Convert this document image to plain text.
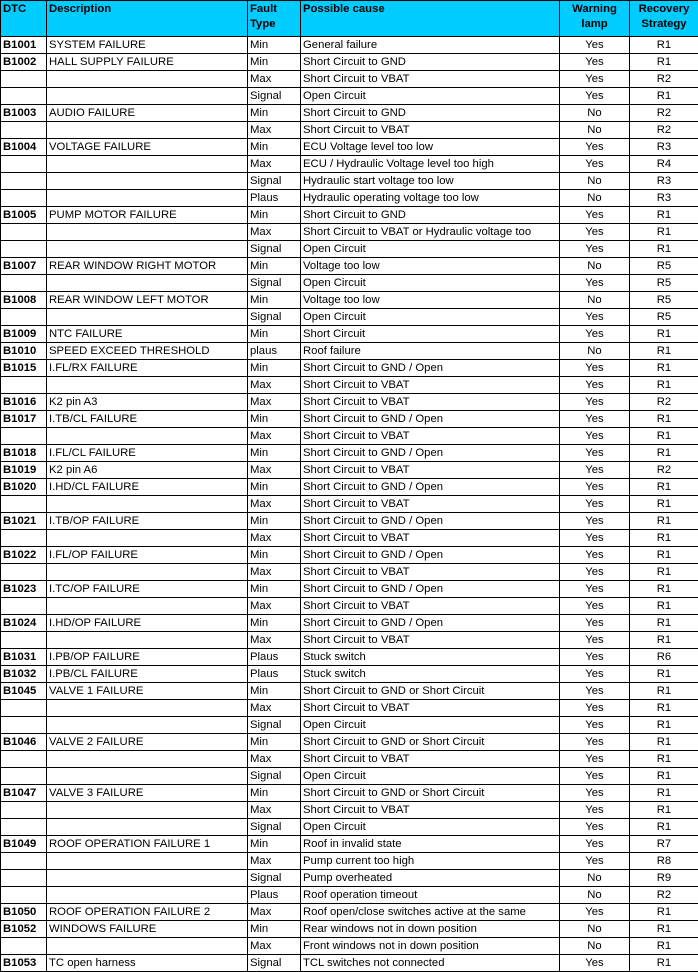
DTC	Description	Fault Type	Possible cause	Warning lamp	Recovery Strategy
B1001	SYSTEM FAILURE	Min	General failure	Yes	R1
B1002	HALL SUPPLY FAILURE	Min	Short Circuit to GND	Yes	R1
		Max	Short Circuit to VBAT	Yes	R2
		Signal	Open Circuit	Yes	R1
B1003	AUDIO FAILURE	Min	Short Circuit to GND	No	R2
		Max	Short Circuit to VBAT	No	R2
B1004	VOLTAGE FAILURE	Min	ECU Voltage level too low	Yes	R3
		Max	ECU / Hydraulic Voltage level too high	Yes	R4
		Signal	Hydraulic start voltage too low	No	R3
		Plaus	Hydraulic operating voltage too low	No	R3
B1005	PUMP MOTOR FAILURE	Min	Short Circuit to GND	Yes	R1
		Max	Short Circuit to VBAT or Hydraulic voltage too	Yes	R1
		Signal	Open Circuit	Yes	R1
B1007	REAR WINDOW RIGHT MOTOR	Min	Voltage too low	No	R5
		Signal	Open Circuit	Yes	R5
B1008	REAR WINDOW LEFT MOTOR	Min	Voltage too low	No	R5
		Signal	Open Circuit	Yes	R5
B1009	NTC FAILURE	Min	Short Circuit	Yes	R1
B1010	SPEED EXCEED THRESHOLD	plaus	Roof failure	No	R1
B1015	I.FL/RX FAILURE	Min	Short Circuit to GND / Open	Yes	R1
		Max	Short Circuit to VBAT	Yes	R1
B1016	K2 pin A3	Max	Short Circuit to VBAT	Yes	R2
B1017	I.TB/CL FAILURE	Min	Short Circuit to GND / Open	Yes	R1
		Max	Short Circuit to VBAT	Yes	R1
B1018	I.FL/CL FAILURE	Min	Short Circuit to GND / Open	Yes	R1
B1019	K2 pin A6	Max	Short Circuit to VBAT	Yes	R2
B1020	I.HD/CL FAILURE	Min	Short Circuit to GND / Open	Yes	R1
		Max	Short Circuit to VBAT	Yes	R1
B1021	I.TB/OP FAILURE	Min	Short Circuit to GND / Open	Yes	R1
		Max	Short Circuit to VBAT	Yes	R1
B1022	I.FL/OP FAILURE	Min	Short Circuit to GND / Open	Yes	R1
		Max	Short Circuit to VBAT	Yes	R1
B1023	I.TC/OP FAILURE	Min	Short Circuit to GND / Open	Yes	R1
		Max	Short Circuit to VBAT	Yes	R1
B1024	I.HD/OP FAILURE	Min	Short Circuit to GND / Open	Yes	R1
		Max	Short Circuit to VBAT	Yes	R1
B1031	I.PB/OP FAILURE	Plaus	Stuck switch	Yes	R6
B1032	I.PB/CL FAILURE	Plaus	Stuck switch	Yes	R1
B1045	VALVE 1 FAILURE	Min	Short Circuit to GND or Short Circuit	Yes	R1
		Max	Short Circuit to VBAT	Yes	R1
		Signal	Open Circuit	Yes	R1
B1046	VALVE 2 FAILURE	Min	Short Circuit to GND or Short Circuit	Yes	R1
		Max	Short Circuit to VBAT	Yes	R1
		Signal	Open Circuit	Yes	R1
B1047	VALVE 3 FAILURE	Min	Short Circuit to GND or Short Circuit	Yes	R1
		Max	Short Circuit to VBAT	Yes	R1
		Signal	Open Circuit	Yes	R1
B1049	ROOF OPERATION FAILURE 1	Min	Roof in invalid state	Yes	R7
		Max	Pump current too high	Yes	R8
		Signal	Pump overheated	No	R9
		Plaus	Roof operation timeout	No	R2
B1050	ROOF OPERATION FAILURE 2	Max	Roof open/close switches active at the same	Yes	R1
B1052	WINDOWS FAILURE	Min	Rear windows not in down position	No	R1
		Max	Front windows not in down position	No	R1
B1053	TC open harness	Signal	TCL switches not connected	Yes	R1
